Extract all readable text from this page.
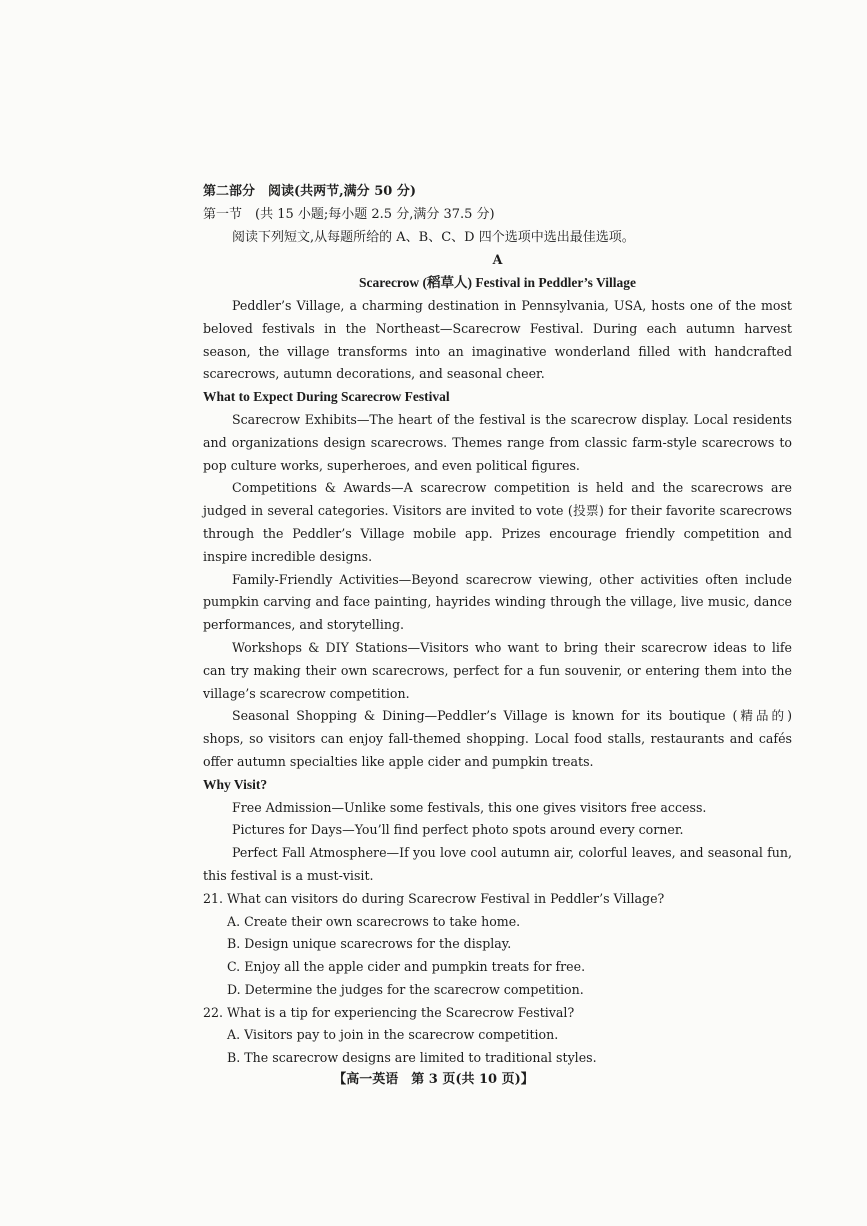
第二部分　阅读(共两节,满分 50 分)
第一节　(共 15 小题;每小题 2.5 分,满分 37.5 分)
阅读下列短文,从每题所给的 A、B、C、D 四个选项中选出最佳选项。
A
Scarecrow (稻草人) Festival in Peddler’s Village

Peddler’s Village, a charming destination in Pennsylvania, USA, hosts one of the most beloved festivals in the Northeast—Scarecrow Festival. During each autumn harvest season, the village transforms into an imaginative wonderland filled with handcrafted scarecrows, autumn decorations, and seasonal cheer.

What to Expect During Scarecrow Festival

Scarecrow Exhibits—The heart of the festival is the scarecrow display. Local residents and organizations design scarecrows. Themes range from classic farm-style scarecrows to pop culture works, superheroes, and even political figures.

Competitions & Awards—A scarecrow competition is held and the scarecrows are judged in several categories. Visitors are invited to vote (投票) for their favorite scarecrows through the Peddler’s Village mobile app. Prizes encourage friendly competition and inspire incredible designs.

Family-Friendly Activities—Beyond scarecrow viewing, other activities often include pumpkin carving and face painting, hayrides winding through the village, live music, dance performances, and storytelling.

Workshops & DIY Stations—Visitors who want to bring their scarecrow ideas to life can try making their own scarecrows, perfect for a fun souvenir, or entering them into the village’s scarecrow competition.

Seasonal Shopping & Dining—Peddler’s Village is known for its boutique (精品的) shops, so visitors can enjoy fall-themed shopping. Local food stalls, restaurants and cafés offer autumn specialties like apple cider and pumpkin treats.

Why Visit?

Free Admission—Unlike some festivals, this one gives visitors free access.

Pictures for Days—You’ll find perfect photo spots around every corner.

Perfect Fall Atmosphere—If you love cool autumn air, colorful leaves, and seasonal fun, this festival is a must-visit.

21. What can visitors do during Scarecrow Festival in Peddler’s Village?
A. Create their own scarecrows to take home.
B. Design unique scarecrows for the display.
C. Enjoy all the apple cider and pumpkin treats for free.
D. Determine the judges for the scarecrow competition.
22. What is a tip for experiencing the Scarecrow Festival?
A. Visitors pay to join in the scarecrow competition.
B. The scarecrow designs are limited to traditional styles.
【高一英语　第 3 页(共 10 页)】
